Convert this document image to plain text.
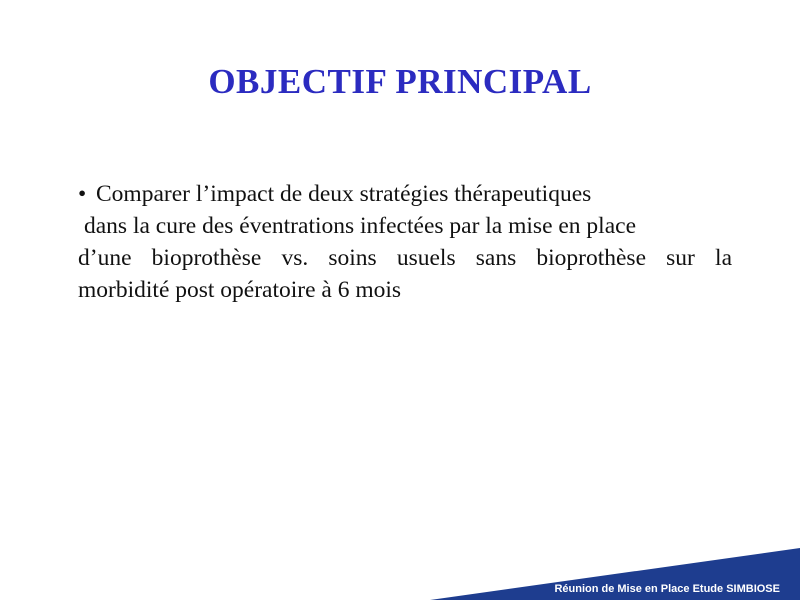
OBJECTIF PRINCIPAL
• Comparer l’impact de deux stratégies thérapeutiques
dans la cure des éventrations infectées par la mise en place
d’une bioprothèse vs. soins usuels sans bioprothèse sur la
morbidité post opératoire à 6 mois
Réunion de Mise en Place Etude SIMBIOSE
